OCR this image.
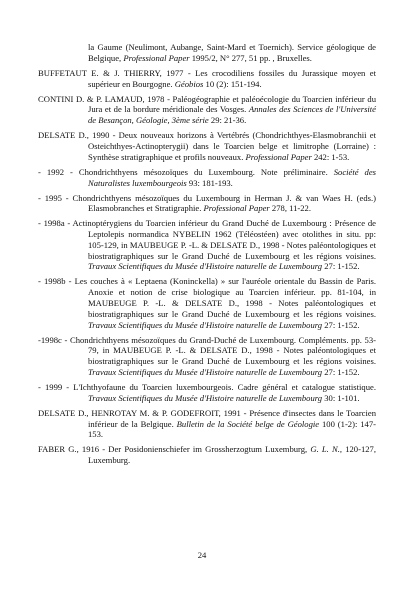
la Gaume (Neulimont, Aubange, Saint-Mard et Toernich). Service géologique de Belgique, Professional Paper 1995/2, N° 277, 51 pp. , Bruxelles.

BUFFETAUT E. & J. THIERRY, 1977 - Les crocodiliens fossiles du Jurassique moyen et supérieur en Bourgogne. Géobios 10 (2): 151-194.

CONTINI D. & P. LAMAUD, 1978 - Paléogéographie et paléoécologie du Toarcien inférieur du Jura et de la bordure méridionale des Vosges. Annales des Sciences de l'Université de Besançon, Géologie, 3ème série 29: 21-36.

DELSATE D., 1990 - Deux nouveaux horizons à Vertébrés (Chondrichthyes-Elasmobranchii et Osteichthyes-Actinopterygii) dans le Toarcien belge et limitrophe (Lorraine) : Synthèse stratigraphique et profils nouveaux. Professional Paper 242: 1-53.

- 1992 - Chondrichthyens mésozoïques du Luxembourg. Note préliminaire. Société des Naturalistes luxembourgeois 93: 181-193.

- 1995 - Chondrichthyens mésozoïques du Luxembourg in Herman J. & van Waes H. (eds.) Elasmobranches et Stratigraphie. Professional Paper 278, 11-22.

- 1998a - Actinoptérygiens du Toarcien inférieur du Grand Duché de Luxembourg : Présence de Leptolepis normandica NYBELIN 1962 (Téléostéen) avec otolithes in situ. pp: 105-129, in MAUBEUGE P. -L. & DELSATE D., 1998 - Notes paléontologiques et biostratigraphiques sur le Grand Duché de Luxembourg et les régions voisines. Travaux Scientifiques du Musée d'Histoire naturelle de Luxembourg 27: 1-152.

- 1998b - Les couches à « Leptaena (Koninckella) » sur l'auréole orientale du Bassin de Paris. Anoxie et notion de crise biologique au Toarcien inférieur. pp. 81-104, in MAUBEUGE P. -L. & DELSATE D., 1998 - Notes paléontologiques et biostratigraphiques sur le Grand Duché de Luxembourg et les régions voisines. Travaux Scientifiques du Musée d'Histoire naturelle de Luxembourg 27: 1-152.

-1998c - Chondrichthyens mésozoïques du Grand-Duché de Luxembourg. Compléments. pp. 53-79, in MAUBEUGE P. -L. & DELSATE D., 1998 - Notes paléontologiques et biostratigraphiques sur le Grand Duché de Luxembourg et les régions voisines. Travaux Scientifiques du Musée d'Histoire naturelle de Luxembourg 27: 1-152.

- 1999 - L'Ichthyofaune du Toarcien luxembourgeois. Cadre général et catalogue statistique. Travaux Scientifiques du Musée d'Histoire naturelle de Luxembourg 30: 1-101.

DELSATE D., HENROTAY M. & P. GODEFROIT, 1991 - Présence d'insectes dans le Toarcien inférieur de la Belgique. Bulletin de la Société belge de Géologie 100 (1-2): 147-153.

FABER G., 1916 - Der Posidonienschiefer im Grossherzogtum Luxemburg, G. L. N., 120-127, Luxemburg.

24
